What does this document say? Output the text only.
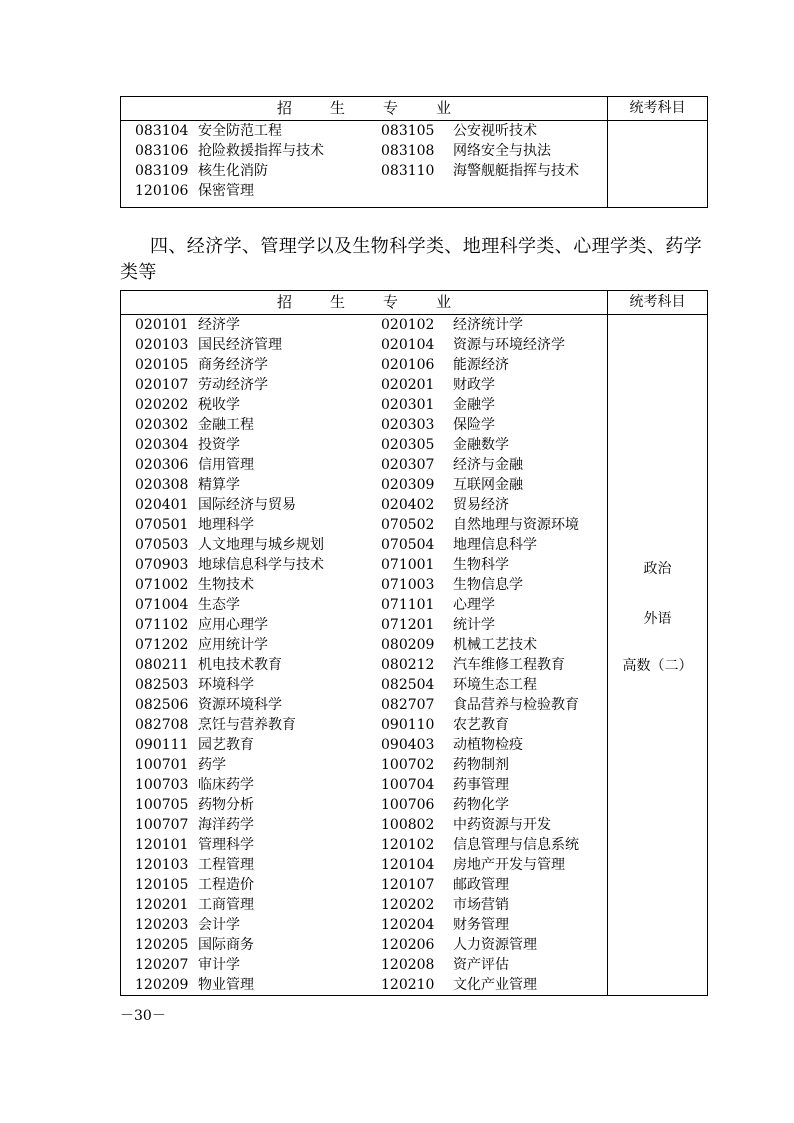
招生专业	统考科目
083104 安全防范工程	083105 公安视听技术
083106 抢险救援指挥与技术	083108 网络安全与执法
083109 核生化消防	083110 海警舰艇指挥与技术
120106 保密管理
四、经济学、管理学以及生物科学类、地理科学类、心理学类、药学类等
招生专业	统考科目
020101 经济学	020102 经济统计学
020103 国民经济管理	020104 资源与环境经济学
020105 商务经济学	020106 能源经济
020107 劳动经济学	020201 财政学
020202 税收学	020301 金融学
020302 金融工程	020303 保险学
020304 投资学	020305 金融数学
020306 信用管理	020307 经济与金融
020308 精算学	020309 互联网金融
020401 国际经济与贸易	020402 贸易经济
070501 地理科学	070502 自然地理与资源环境
070503 人文地理与城乡规划	070504 地理信息科学
070903 地球信息科学与技术	071001 生物科学
071002 生物技术	071003 生物信息学
071004 生态学	071101 心理学
071102 应用心理学	071201 统计学
071202 应用统计学	080209 机械工艺技术
080211 机电技术教育	080212 汽车维修工程教育
082503 环境科学	082504 环境生态工程
082506 资源环境科学	082707 食品营养与检验教育
082708 烹饪与营养教育	090110 农艺教育
090111 园艺教育	090403 动植物检疫
100701 药学	100702 药物制剂
100703 临床药学	100704 药事管理
100705 药物分析	100706 药物化学
100707 海洋药学	100802 中药资源与开发
120101 管理科学	120102 信息管理与信息系统
120103 工程管理	120104 房地产开发与管理
120105 工程造价	120107 邮政管理
120201 工商管理	120202 市场营销
120203 会计学	120204 财务管理
120205 国际商务	120206 人力资源管理
120207 审计学	120208 资产评估
120209 物业管理	120210 文化产业管理
政治
外语
高数（二）
－30－
